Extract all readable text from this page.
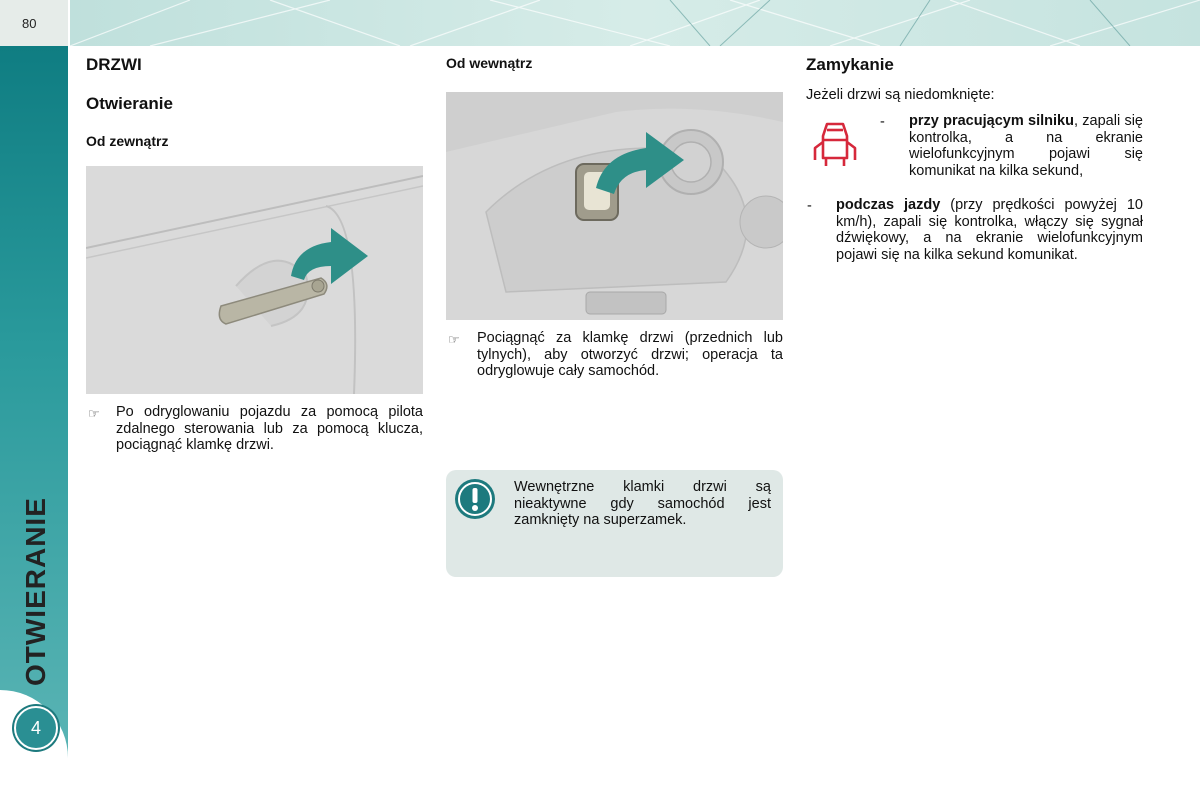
80
OTWIERANIE
4
DRZWI
Otwieranie
Od zewnątrz
☞ Po odryglowaniu pojazdu za pomocą pilota zdalnego sterowania lub za pomocą klucza, pociągnąć klamkę drzwi.
Od wewnątrz
☞ Pociągnąć za klamkę drzwi (przednich lub tylnych), aby otworzyć drzwi; operacja ta odryglowuje cały samochód.
Wewnętrzne klamki drzwi są nieaktywne gdy samochód jest zamknięty na superzamek.
Zamykanie
Jeżeli drzwi są niedomknięte:
- przy pracującym silniku, zapali się kontrolka, a na ekranie wielofunkcyjnym pojawi się komunikat na kilka sekund,
- podczas jazdy (przy prędkości powyżej 10 km/h), zapali się kontrolka, włączy się sygnał dźwiękowy, a na ekranie wielofunkcyjnym pojawi się na kilka sekund komunikat.
